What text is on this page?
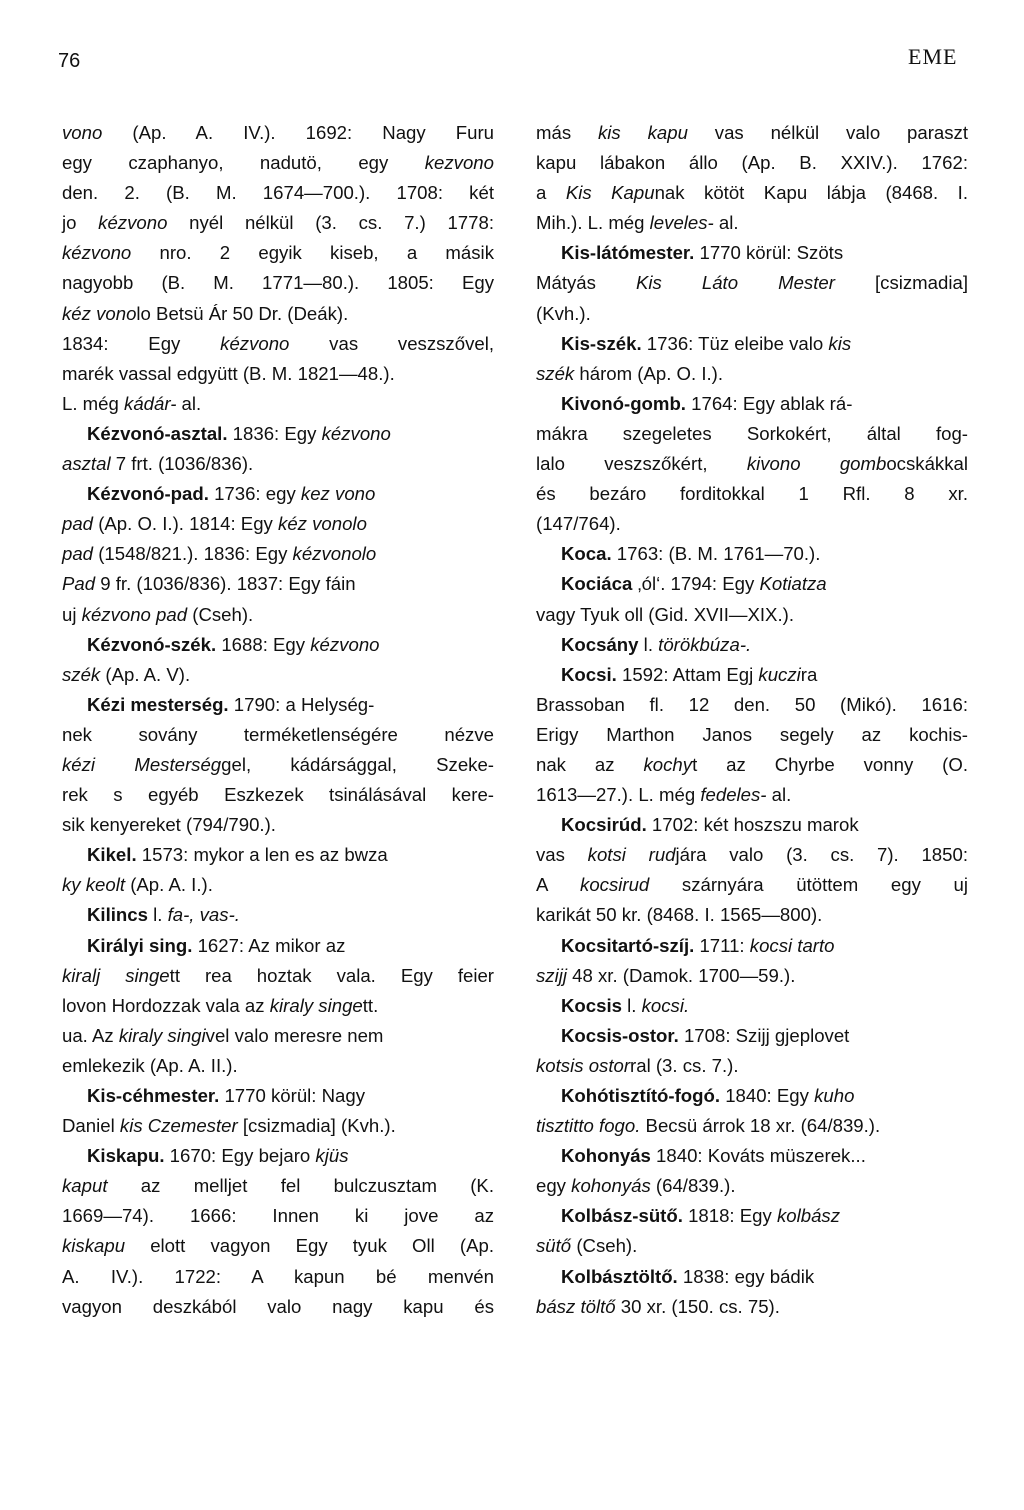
76	EME
vono (Ap. A. IV.). 1692: Nagy Furu
egy czaphanyo, nadutö, egy kezvono
den. 2. (B. M. 1674—700.). 1708: két
jo kézvono nyél nélkül (3. cs. 7.) 1778:
kézvono nro. 2 egyik kiseb, a másik
nagyobb (B. M. 1771—80.). 1805: Egy
kéz vonolo Betsü Ár 50 Dr. (Deák).
1834: Egy kézvono vas veszszővel,
marék vassal edgyütt (B. M. 1821—48.).
L. még kádár- al.
Kézvonó-asztal. 1836: Egy kézvono
asztal 7 frt. (1036/836).
Kézvonó-pad. 1736: egy kez vono
pad (Ap. O. I.). 1814: Egy kéz vonolo
pad (1548/821.). 1836: Egy kézvonolo
Pad 9 fr. (1036/836). 1837: Egy fáin
uj kézvono pad (Cseh).
Kézvonó-szék. 1688: Egy kézvono
szék (Ap. A. V).
Kézi mesterség. 1790: a Helység-
nek sovány terméketlenségére nézve
kézi Mesterséggel, kádársággal, Szeke-
rek s egyéb Eszkezek tsinálásával kere-
sik kenyereket (794/790.).
Kikel. 1573: mykor a len es az bwza
ky keolt (Ap. A. I.).
Kilincs l. fa-, vas-.
Királyi sing. 1627: Az mikor az
kiralj singett rea hoztak vala. Egy feier
lovon Hordozzak vala az kiraly singett.
ua. Az kiraly singivel valo meresre nem
emlekezik (Ap. A. II.).
Kis-céhmester. 1770 körül: Nagy
Daniel kis Czemester [csizmadia] (Kvh.).
Kiskapu. 1670: Egy bejaro kjüs
kaput az melljet fel bulczusztam (K.
1669—74). 1666: Innen ki jove az
kiskapu elott vagyon Egy tyuk Oll (Ap.
A. IV.). 1722: A kapun bé menvén
vagyon deszkából valo nagy kapu és
más kis kapu vas nélkül valo paraszt
kapu lábakon állo (Ap. B. XXIV.). 1762:
a Kis Kapunak kötöt Kapu lábja (8468. I.
Mih.). L. még leveles- al.
Kis-látómester. 1770 körül: Szöts
Mátyás Kis Láto Mester [csizmadia]
(Kvh.).
Kis-szék. 1736: Tüz eleibe valo kis
szék három (Ap. O. I.).
Kivonó-gomb. 1764: Egy ablak rá-
mákra szegeletes Sorkokért, által fog-
lalo veszszőkért, kivono gombocskákkal
és bezáro forditokkal 1 Rfl. 8 xr.
(147/764).
Koca. 1763: (B. M. 1761—70.).
Kociáca ‚ól‘. 1794: Egy Kotiatza
vagy Tyuk oll (Gid. XVII—XIX.).
Kocsány l. törökbúza-.
Kocsi. 1592: Attam Egj kuczira
Brassoban fl. 12 den. 50 (Mikó). 1616:
Erigy Marthon Janos segely az kochis-
nak az kochyt az Chyrbe vonny (O.
1613—27.). L. még fedeles- al.
Kocsirúd. 1702: két hoszszu marok
vas kotsi rudjára valo (3. cs. 7). 1850:
A kocsirud szárnyára ütöttem egy uj
karikát 50 kr. (8468. I. 1565—800).
Kocsitartó-szíj. 1711: kocsi tarto
szijj 48 xr. (Damok. 1700—59.).
Kocsis l. kocsi.
Kocsis-ostor. 1708: Szijj gjeplovet
kotsis ostorral (3. cs. 7.).
Kohótisztító-fogó. 1840: Egy kuho
tisztitto fogo. Becsü árrok 18 xr. (64/839.).
Kohonyás 1840: Kováts müszerek...
egy kohonyás (64/839.).
Kolbász-sütő. 1818: Egy kolbász
sütő (Cseh).
Kolbásztöltő. 1838: egy bádik
bász töltő 30 xr. (150. cs. 75).
